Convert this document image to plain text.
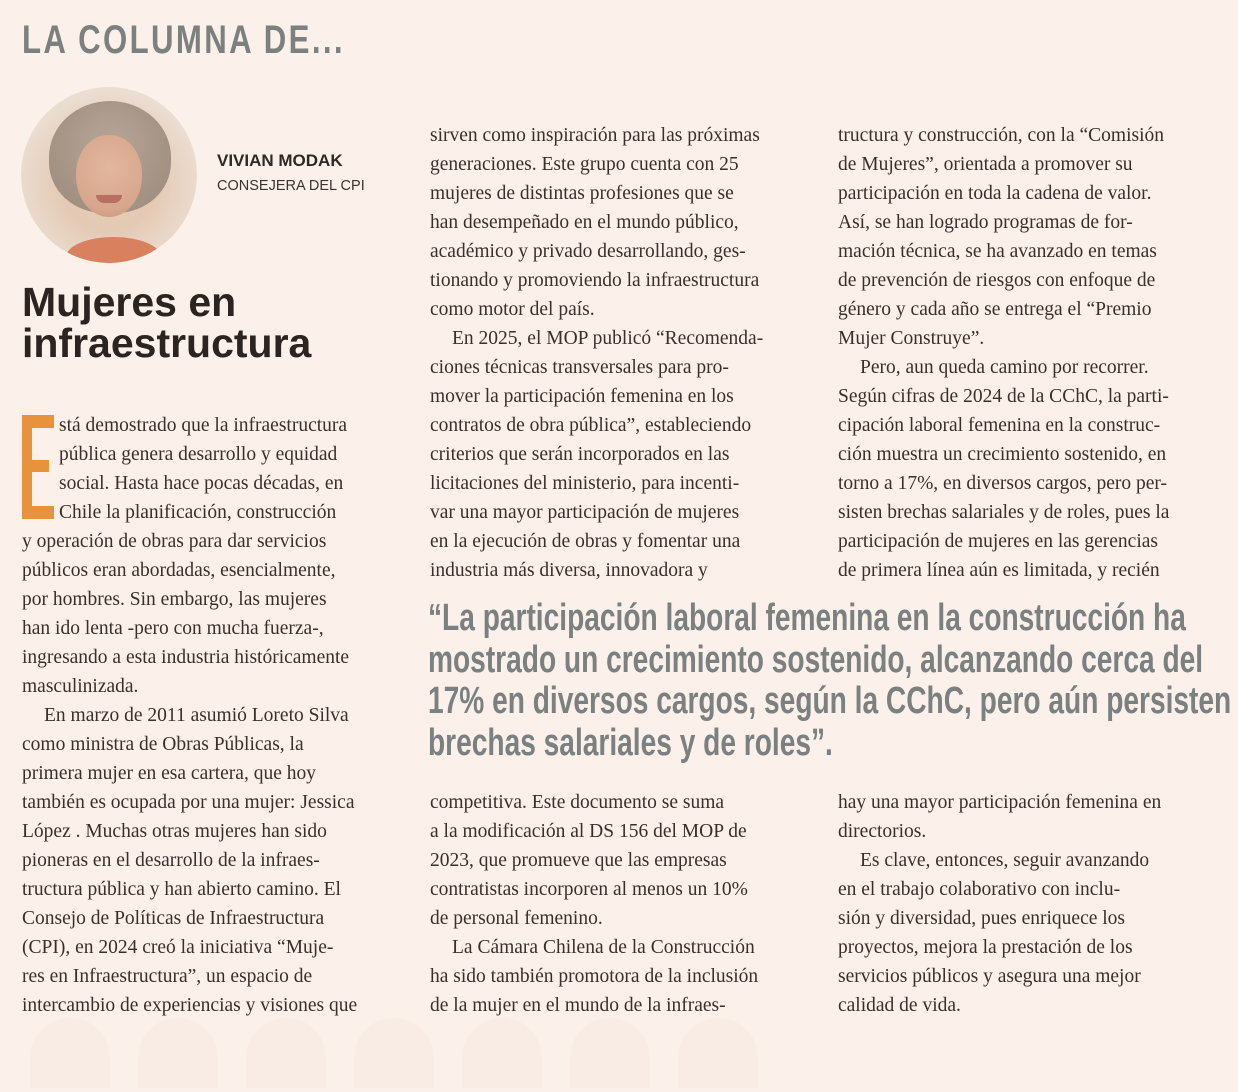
LA COLUMNA DE...
VIVIAN MODAK
CONSEJERA DEL CPI
Mujeres en
infraestructura
stá demostrado que la infraestructura
pública genera desarrollo y equidad
social. Hasta hace pocas décadas, en
Chile la planificación, construcción
y operación de obras para dar servicios
públicos eran abordadas, esencialmente,
por hombres. Sin embargo, las mujeres
han ido lenta -pero con mucha fuerza-,
ingresando a esta industria históricamente
masculinizada.
En marzo de 2011 asumió Loreto Silva
como ministra de Obras Públicas, la
primera mujer en esa cartera, que hoy
también es ocupada por una mujer: Jessica
López . Muchas otras mujeres han sido
pioneras en el desarrollo de la infraes-
tructura pública y han abierto camino. El
Consejo de Políticas de Infraestructura
(CPI), en 2024 creó la iniciativa “Muje-
res en Infraestructura”, un espacio de
intercambio de experiencias y visiones que
sirven como inspiración para las próximas
generaciones. Este grupo cuenta con 25
mujeres de distintas profesiones que se
han desempeñado en el mundo público,
académico y privado desarrollando, ges-
tionando y promoviendo la infraestructura
como motor del país.
En 2025, el MOP publicó “Recomenda-
ciones técnicas transversales para pro-
mover la participación femenina en los
contratos de obra pública”, estableciendo
criterios que serán incorporados en las
licitaciones del ministerio, para incenti-
var una mayor participación de mujeres
en la ejecución de obras y fomentar una
industria más diversa, innovadora y
tructura y construcción, con la “Comisión
de Mujeres”, orientada a promover su
participación en toda la cadena de valor.
Así, se han logrado programas de for-
mación técnica, se ha avanzado en temas
de prevención de riesgos con enfoque de
género y cada año se entrega el “Premio
Mujer Construye”.
Pero, aun queda camino por recorrer.
Según cifras de 2024 de la CChC, la parti-
cipación laboral femenina en la construc-
ción muestra un crecimiento sostenido, en
torno a 17%, en diversos cargos, pero per-
sisten brechas salariales y de roles, pues la
participación de mujeres en las gerencias
de primera línea aún es limitada, y recién
“La participación laboral femenina en la construcción ha
mostrado un crecimiento sostenido, alcanzando cerca del
17% en diversos cargos, según la CChC, pero aún persisten
brechas salariales y de roles”.
competitiva. Este documento se suma
a la modificación al DS 156 del MOP de
2023, que promueve que las empresas
contratistas incorporen al menos un 10%
de personal femenino.
La Cámara Chilena de la Construcción
ha sido también promotora de la inclusión
de la mujer en el mundo de la infraes-
hay una mayor participación femenina en
directorios.
Es clave, entonces, seguir avanzando
en el trabajo colaborativo con inclu-
sión y diversidad, pues enriquece los
proyectos, mejora la prestación de los
servicios públicos y asegura una mejor
calidad de vida.
